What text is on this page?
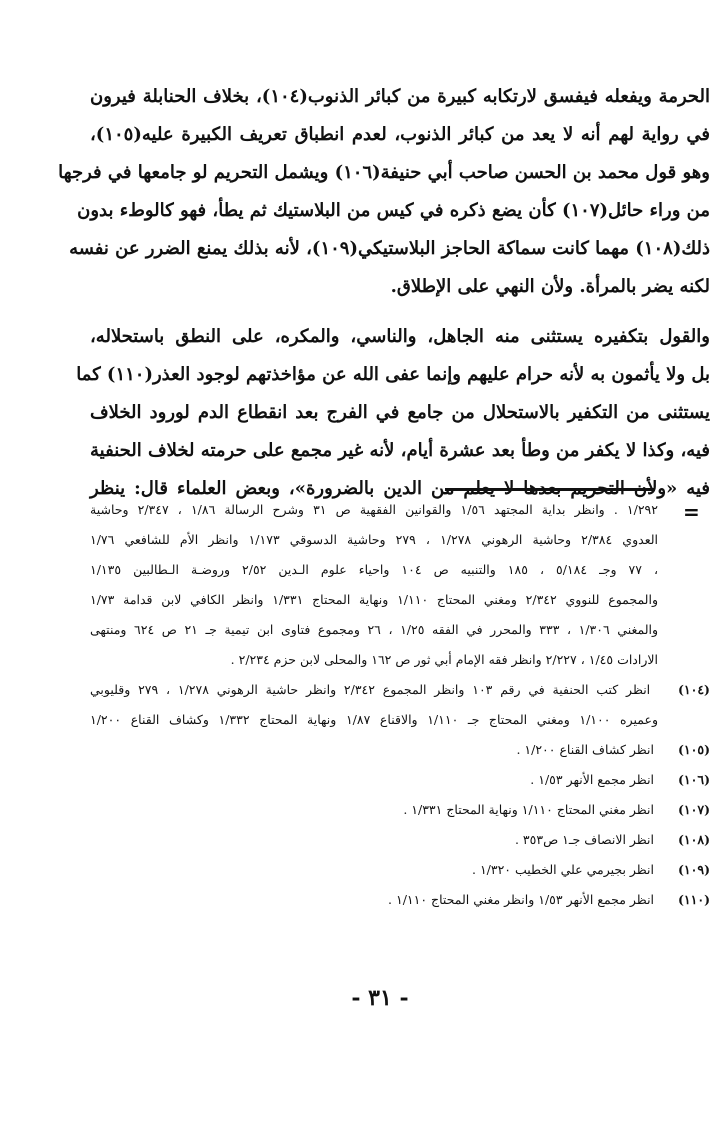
الحرمة ويفعله فيفسق لارتكابه كبيرة من كبائر الذنوب(١٠٤)، بخلاف الحنابلة فيرون

في رواية لهم أنه لا يعد من كبائر الذنوب، لعدم انطباق تعريف الكبيرة عليه(١٠٥)،

وهو قول محمد بن الحسن صاحب أبي حنيفة(١٠٦) ويشمل التحريم لو جامعها في فرجها

من وراء حائل(١٠٧) كأن يضع ذكره في كيس من البلاستيك ثم يطأ، فهو كالوطء بدون

ذلك(١٠٨) مهما كانت سماكة الحاجز البلاستيكي(١٠٩)، لأنه بذلك يمنع الضرر عن نفسه

لكنه يضر بالمرأة. ولأن النهي على الإطلاق.

والقول بتكفيره يستثنى منه الجاهل، والناسي، والمكره، على النطق باستحلاله،

بل ولا يأثمون به لأنه حرام عليهم وإنما عفى الله عن مؤاخذتهم لوجود العذر(١١٠) كما

يستثنى من التكفير بالاستحلال من جامع في الفرج بعد انقطاع الدم لورود الخلاف

فيه، وكذا لا يكفر من وطأ بعد عشرة أيام، لأنه غير مجمع على حرمته لخلاف الحنفية

فيه «ولأن التحريم بعدها لا يعلم من الدين بالضرورة»، وبعض العلماء قال: ينظر

=
١/٢٩٢ . وانظر بداية المجتهد ١/٥٦ والقوانين الفقهية ص ٣١ وشرح الرسالة ١/٨٦ ، ٢/٣٤٧ وحاشية
العدوي ٢/٣٨٤ وحاشية الرهوني ١/٢٧٨ ، ٢٧٩ وحاشية الدسوقي ١/١٧٣ وانظر الأم للشافعي ١/٧٦
، ٧٧ وجـ ٥/١٨٤ ، ١٨٥ والتنبيه ص ١٠٤ واحياء علوم الـدين ٢/٥٢ وروضـة الـطالبين ١/١٣٥
والمجموع للنووي ٢/٣٤٢ ومغني المحتاج ١/١١٠ ونهاية المحتاج ١/٣٣١ وانظر الكافي لابن قدامة ١/٧٣
والمغني ١/٣٠٦ ، ٣٣٣ والمحرر في الفقه ١/٢٥ ، ٢٦ ومجموع فتاوى ابن تيمية جـ ٢١ ص ٦٢٤ ومنتهى
الارادات ١/٤٥ ، ٢/٢٢٧ وانظر فقه الإمام أبي ثور ص ١٦٢ والمحلى لابن حزم ٢/٢٣٤ .
(١٠٤) انظر كتب الحنفية في رقم ١٠٣ وانظر المجموع ٢/٣٤٢ وانظر حاشية الرهوني ١/٢٧٨ ، ٢٧٩ وقليوبي
وعميره ١/١٠٠ ومغني المحتاج جـ ١/١١٠ والاقناع ١/٨٧ ونهاية المحتاج ١/٣٣٢ وكشاف القناع ١/٢٠٠
(١٠٥) انظر كشاف القناع ١/٢٠٠ .
(١٠٦) انظر مجمع الأنهر ١/٥٣ .
(١٠٧) انظر مغني المحتاج ١/١١٠ ونهاية المحتاج ١/٣٣١ .
(١٠٨) انظر الانصاف جـ١ ص٣٥٣ .
(١٠٩) انظر بجيرمي علي الخطيب ١/٣٢٠ .
(١١٠) انظر مجمع الأنهر ١/٥٣ وانظر مغني المحتاج ١/١١٠ .
- ٣١ -
